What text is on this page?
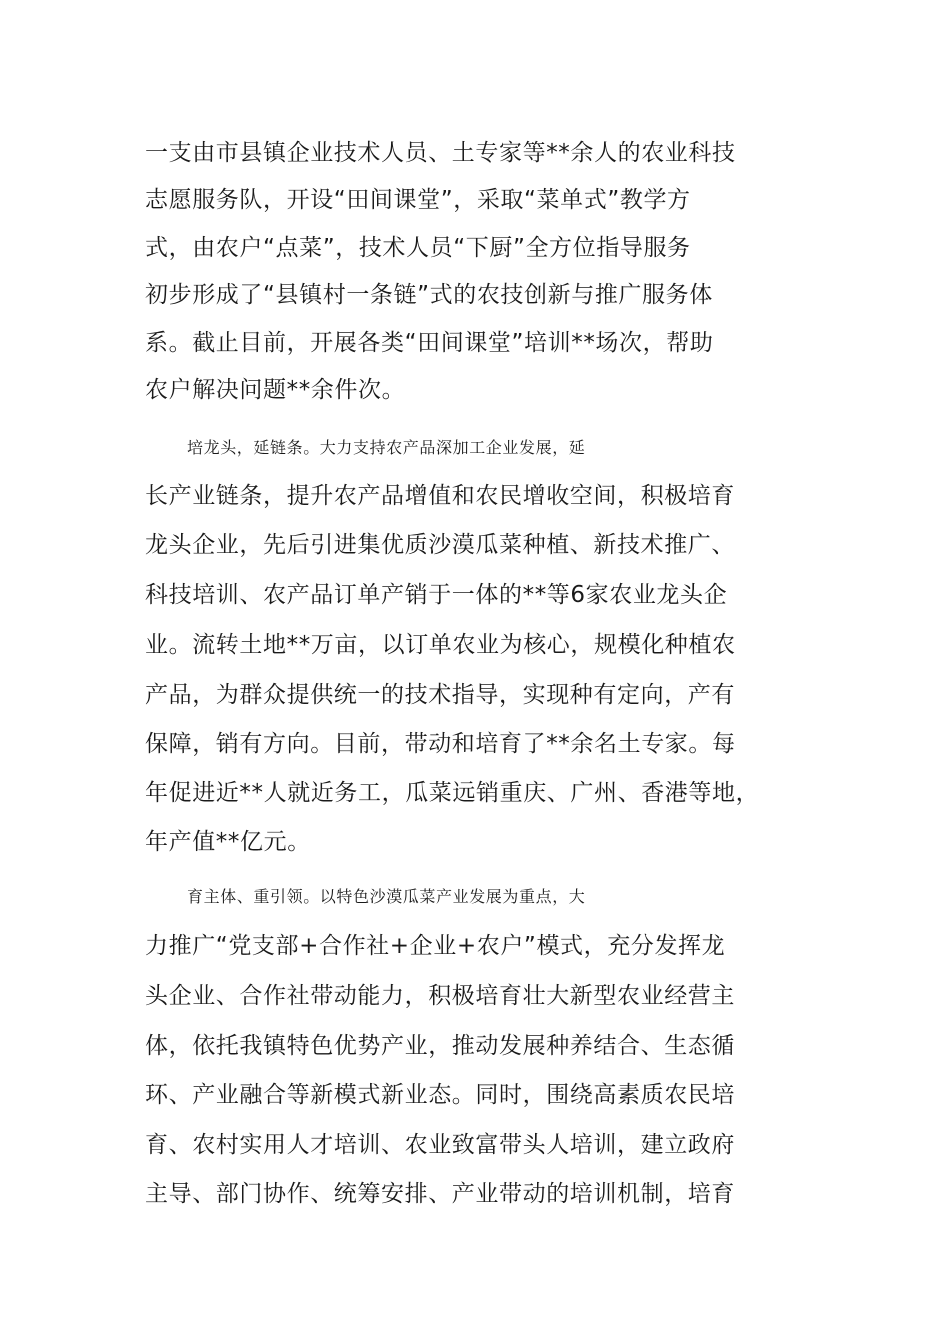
一支由市县镇企业技术人员、土专家等**余人的农业科技
志愿服务队，开设“田间课堂”，采取“菜单式”教学方
式，由农户“点菜”，技术人员“下厨”全方位指导服务
初步形成了“县镇村一条链”式的农技创新与推广服务体
系。截止目前，开展各类“田间课堂”培训**场次，帮助
农户解决问题**余件次。
培龙头，延链条。大力支持农产品深加工企业发展，延
长产业链条，提升农产品增值和农民增收空间，积极培育
龙头企业，先后引进集优质沙漠瓜菜种植、新技术推广、
科技培训、农产品订单产销于一体的**等6家农业龙头企
业。流转土地**万亩，以订单农业为核心，规模化种植农
产品，为群众提供统一的技术指导，实现种有定向，产有
保障，销有方向。目前，带动和培育了**余名土专家。每
年促进近**人就近务工，瓜菜远销重庆、广州、香港等地，
年产值**亿元。
育主体、重引领。以特色沙漠瓜菜产业发展为重点，大
力推广“党支部+合作社+企业+农户”模式，充分发挥龙
头企业、合作社带动能力，积极培育壮大新型农业经营主
体，依托我镇特色优势产业，推动发展种养结合、生态循
环、产业融合等新模式新业态。同时，围绕高素质农民培
育、农村实用人才培训、农业致富带头人培训，建立政府
主导、部门协作、统筹安排、产业带动的培训机制，培育
